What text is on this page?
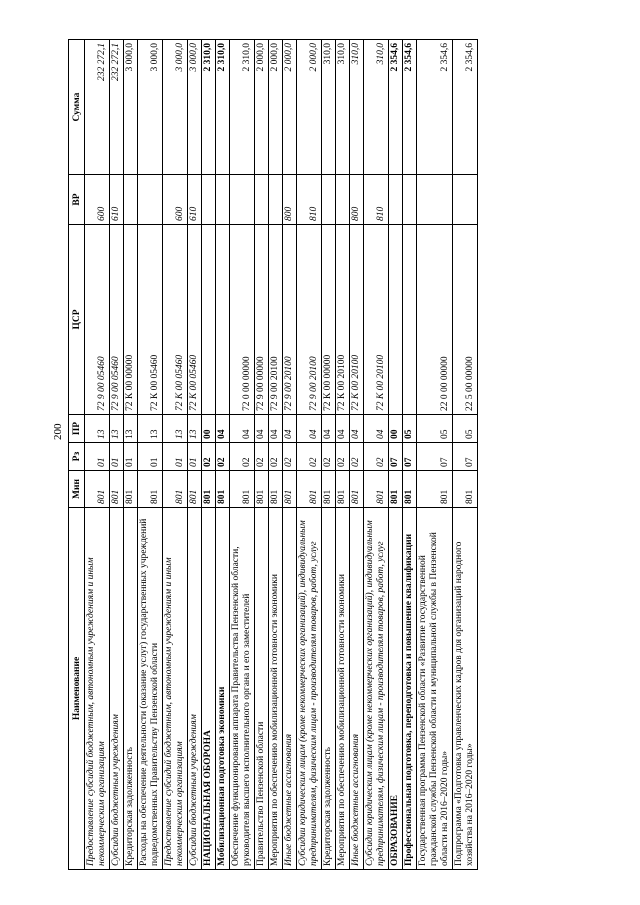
200
Наименование	Мин	Рз	ПР	ЦСР	ВР	Сумма
Предоставление субсидий бюджетным, автономным учреждениям и иным некоммерческим организациям	801	01	13	72 9 00 05460	600	232 272,1
Субсидии бюджетным учреждениям	801	01	13	72 9 00 05460	610	232 272,1
Кредиторская задолженность	801	01	13	72 К 00 00000		3 000,0
Расходы на обеспечение деятельности (оказание услуг) государственных учреждений подведомственных Правительству Пензенской области	801	01	13	72 К 00 05460		3 000,0
Предоставление субсидий бюджетным, автономным учреждениям и иным некоммерческим организациям	801	01	13	72 К 00 05460	600	3 000,0
Субсидии бюджетным учреждениям	801	01	13	72 К 00 05460	610	3 000,0
НАЦИОНАЛЬНАЯ ОБОРОНА	801	02	00			2 310,0
Мобилизационная подготовка экономики	801	02	04			2 310,0
Обеспечение функционирования аппарата Правительства Пензенской области, руководителя высшего исполнительного органа и его заместителей	801	02	04	72 0 00 00000		2 310,0
Правительство Пензенской области	801	02	04	72 9 00 00000		2 000,0
Мероприятия по обеспечению мобилизационной готовности экономики	801	02	04	72 9 00 20100		2 000,0
Иные бюджетные ассигнования	801	02	04	72 9 00 20100	800	2 000,0
Субсидии юридическим лицам (кроме некоммерческих организаций), индивидуальным предпринимателям, физическим лицам - производителям товаров, работ, услуг	801	02	04	72 9 00 20100	810	2 000,0
Кредиторская задолженность	801	02	04	72 К 00 00000		310,0
Мероприятия по обеспечению мобилизационной готовности экономики	801	02	04	72 К 00 20100		310,0
Иные бюджетные ассигнования	801	02	04	72 К 00 20100	800	310,0
Субсидии юридическим лицам (кроме некоммерческих организаций), индивидуальным предпринимателям, физическим лицам - производителям товаров, работ, услуг	801	02	04	72 К 00 20100	810	310,0
ОБРАЗОВАНИЕ	801	07	00			2 354,6
Профессиональная подготовка, переподготовка и повышение квалификации	801	07	05			2 354,6
Государственная программа Пензенской области «Развитие государственной гражданской службы Пензенской области и муниципальной службы в Пензенской области на 2016–2020 годы»	801	07	05	22 0 00 00000		2 354,6
Подпрограмма «Подготовка управленческих кадров для организаций народного хозяйства на 2016–2020 годы»	801	07	05	22 5 00 00000		2 354,6
